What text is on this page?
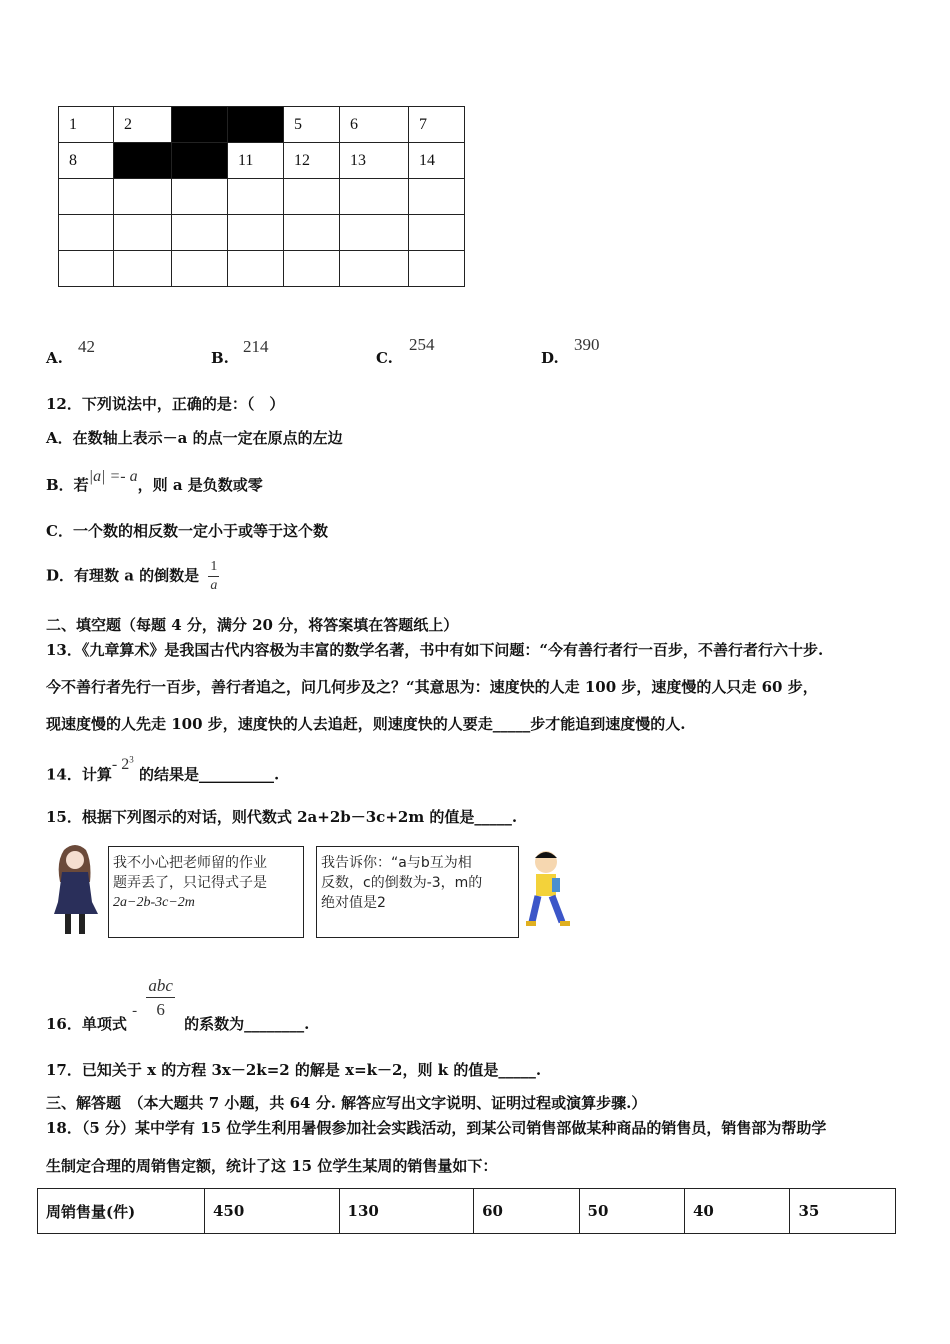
1	2			5	6	7
8			11	12	13	14

A.
42
B.
214
C.
254
D.
390
12．下列说法中，正确的是：（　）
A．在数轴上表示－a 的点一定在原点的左边
B．若|a| =- a，则 a 是负数或零
C．一个数的相反数一定小于或等于这个数
D．有理数 a 的倒数是 $\frac{1}{a}$
二、填空题（每题 4 分，满分 20 分，将答案填在答题纸上）
13．《九章算术》是我国古代内容极为丰富的数学名著，书中有如下问题：“今有善行者行一百步，不善行者行六十步.
今不善行者先行一百步，善行者追之，问几何步及之？“其意思为：速度快的人走 100 步，速度慢的人只走 60 步，
现速度慢的人先走 100 步，速度快的人去追赶，则速度快的人要走_____步才能追到速度慢的人.
14．计算- $2^3$ 的结果是__________.
15．根据下列图示的对话，则代数式 2a+2b－3c+2m 的值是_____.
我不小心把老师留的作业
题弄丢了，只记得式子是
2a−2b-3c−2m
我告诉你：“a与b互为相
反数，c的倒数为-3，m的
绝对值是2
16．单项式 - $\frac{\text{abc}}{6}$
的系数为________.
17．已知关于 x 的方程 3x－2k=2 的解是 x=k－2，则 k 的值是_____.
三、解答题　（本大题共 7 小题，共 64 分. 解答应写出文字说明、证明过程或演算步骤.）
18．（5 分）某中学有 15 位学生利用暑假参加社会实践活动，到某公司销售部做某种商品的销售员，销售部为帮助学
生制定合理的周销售定额，统计了这 15 位学生某周的销售量如下：
周销售量(件)	450	130	60	50	40	35
